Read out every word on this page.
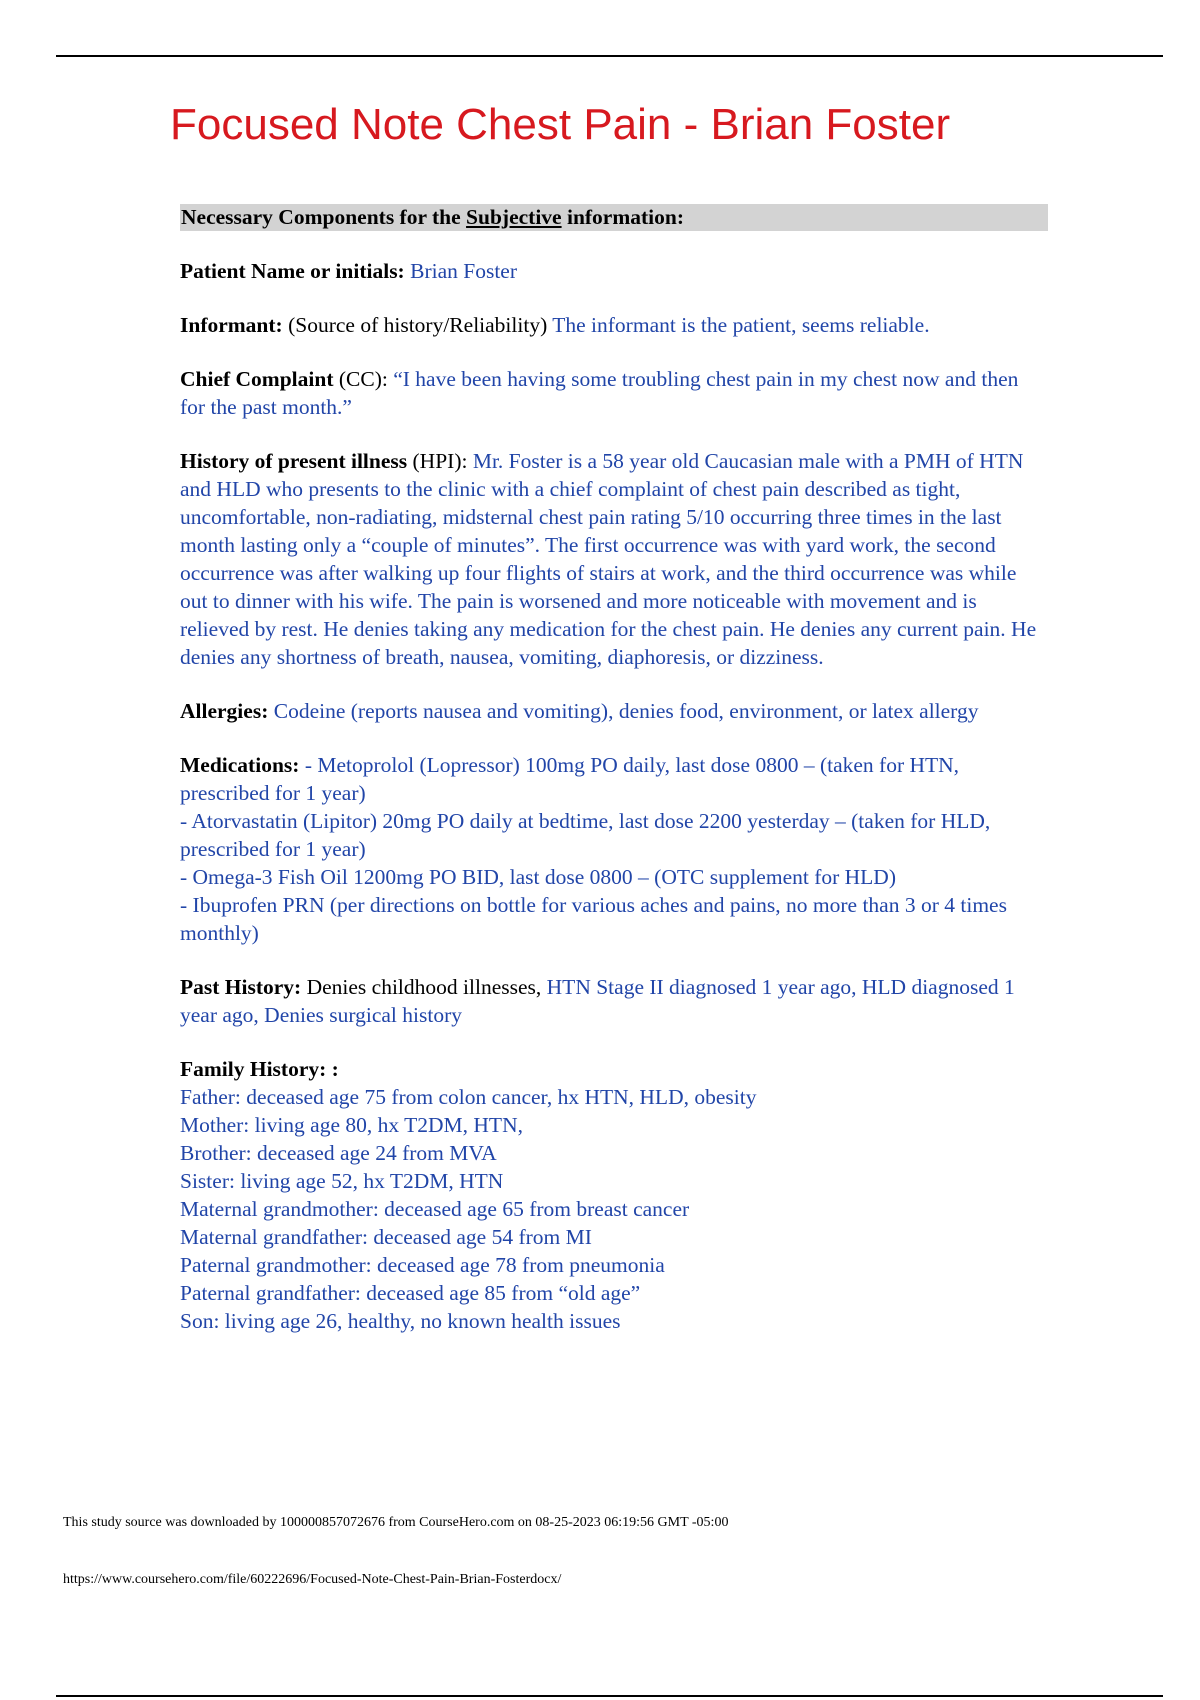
Focused Note Chest Pain - Brian Foster
Necessary Components for the Subjective information:

Patient Name or initials: Brian Foster

Informant: (Source of history/Reliability) The informant is the patient, seems reliable.

Chief Complaint (CC): “I have been having some troubling chest pain in my chest now and then for the past month.”

History of present illness (HPI): Mr. Foster is a 58 year old Caucasian male with a PMH of HTN and HLD who presents to the clinic with a chief complaint of chest pain described as tight, uncomfortable, non-radiating, midsternal chest pain rating 5/10 occurring three times in the last month lasting only a “couple of minutes”. The first occurrence was with yard work, the second occurrence was after walking up four flights of stairs at work, and the third occurrence was while out to dinner with his wife. The pain is worsened and more noticeable with movement and is relieved by rest. He denies taking any medication for the chest pain. He denies any current pain. He denies any shortness of breath, nausea, vomiting, diaphoresis, or dizziness.

Allergies: Codeine (reports nausea and vomiting), denies food, environment, or latex allergy

Medications: - Metoprolol (Lopressor) 100mg PO daily, last dose 0800 – (taken for HTN, prescribed for 1 year)
- Atorvastatin (Lipitor) 20mg PO daily at bedtime, last dose 2200 yesterday – (taken for HLD, prescribed for 1 year)
- Omega-3 Fish Oil 1200mg PO BID, last dose 0800 – (OTC supplement for HLD)
- Ibuprofen PRN (per directions on bottle for various aches and pains, no more than 3 or 4 times monthly)

Past History: Denies childhood illnesses, HTN Stage II diagnosed 1 year ago, HLD diagnosed 1 year ago, Denies surgical history

Family History: :
Father: deceased age 75 from colon cancer, hx HTN, HLD, obesity
Mother: living age 80, hx T2DM, HTN,
Brother: deceased age 24 from MVA
Sister: living age 52, hx T2DM, HTN
Maternal grandmother: deceased age 65 from breast cancer
Maternal grandfather: deceased age 54 from MI
Paternal grandmother: deceased age 78 from pneumonia
Paternal grandfather: deceased age 85 from “old age”
Son: living age 26, healthy, no known health issues
This study source was downloaded by 100000857072676 from CourseHero.com on 08-25-2023 06:19:56 GMT -05:00
https://www.coursehero.com/file/60222696/Focused-Note-Chest-Pain-Brian-Fosterdocx/
